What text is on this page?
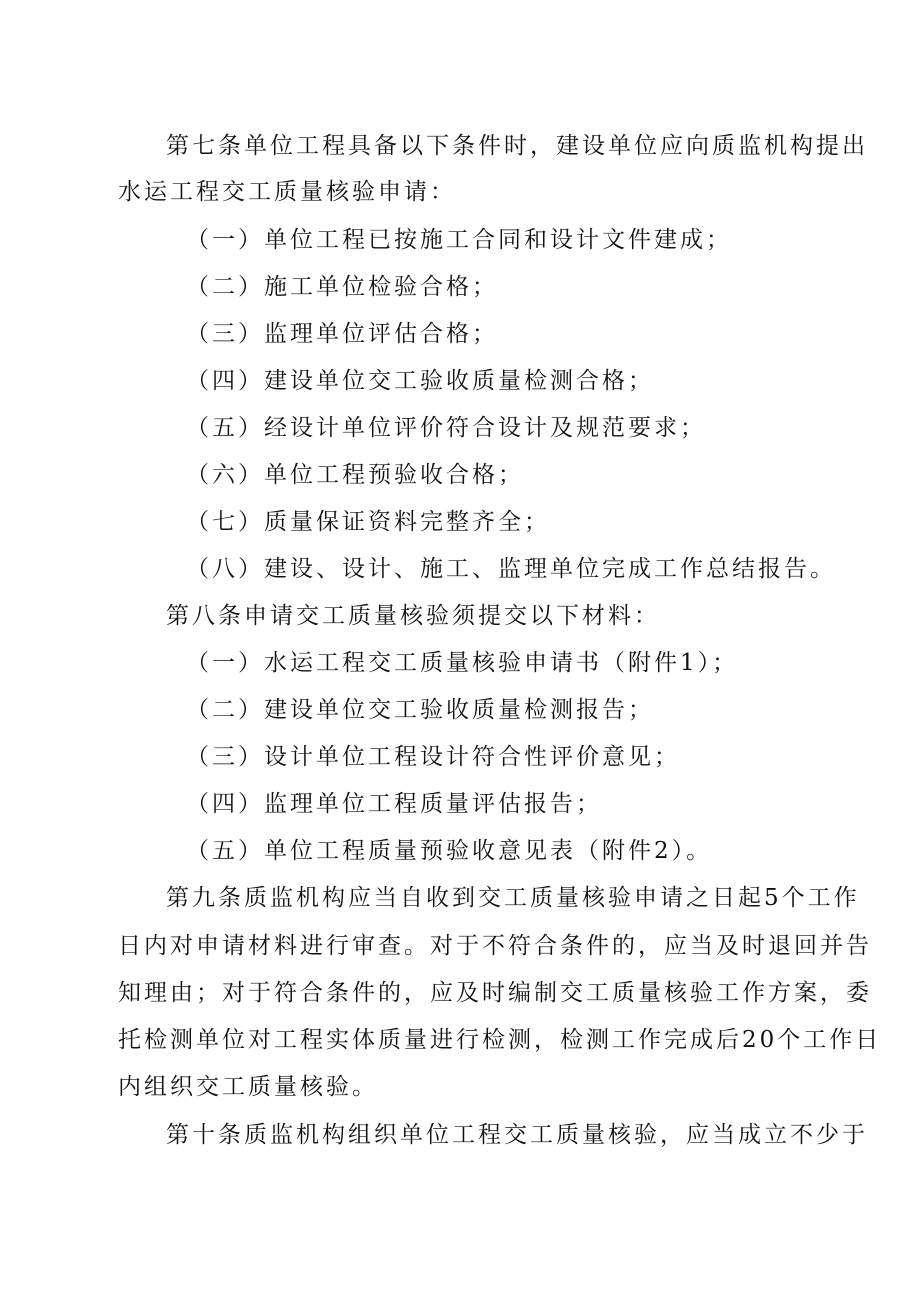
第七条单位工程具备以下条件时，建设单位应向质监机构提出
水运工程交工质量核验申请：
（一）单位工程已按施工合同和设计文件建成；
（二）施工单位检验合格；
（三）监理单位评估合格；
（四）建设单位交工验收质量检测合格；
（五）经设计单位评价符合设计及规范要求；
（六）单位工程预验收合格；
（七）质量保证资料完整齐全；
（八）建设、设计、施工、监理单位完成工作总结报告。
第八条申请交工质量核验须提交以下材料：
（一）水运工程交工质量核验申请书（附件1）；
（二）建设单位交工验收质量检测报告；
（三）设计单位工程设计符合性评价意见；
（四）监理单位工程质量评估报告；
（五）单位工程质量预验收意见表（附件2）。
第九条质监机构应当自收到交工质量核验申请之日起5个工作
日内对申请材料进行审查。对于不符合条件的，应当及时退回并告
知理由；对于符合条件的，应及时编制交工质量核验工作方案，委
托检测单位对工程实体质量进行检测，检测工作完成后20个工作日
内组织交工质量核验。
第十条质监机构组织单位工程交工质量核验，应当成立不少于
